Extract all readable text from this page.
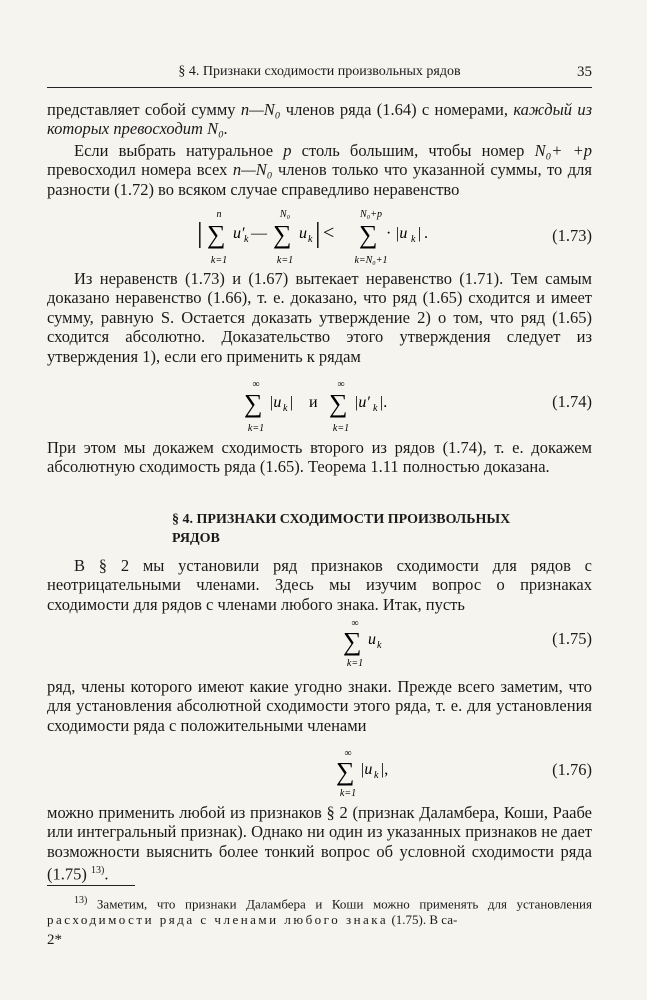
§ 4. Признаки сходимости произвольных рядов	35

представляет собой сумму n—N₀ членов ряда (1.64) с номерами, каждый из которых превосходит N₀.

Если выбрать натуральное p столь большим, чтобы номер N₀+ +p превосходил номера всех n—N₀ членов только что указанной суммы, то для разности (1.72) во всяком случае справедливо неравенство

| ∑
n
k=1
u′ k — ∑
N₀
k=1
u k | < ∑
N₀+p
k=N₀+1
· |u k | .	(1.73)

Из неравенств (1.73) и (1.67) вытекает неравенство (1.71). Тем самым доказано неравенство (1.66), т. е. доказано, что ряд (1.65) сходится и имеет сумму, равную S. Остается доказать утверждение 2) о том, что ряд (1.65) сходится абсолютно. Доказательство этого утверждения следует из утверждения 1), если его применить к рядам

∑
∞
k=1
|u k | и ∑
∞
k=1
|u′ k |.	(1.74)

При этом мы докажем сходимость второго из рядов (1.74), т. е. докажем абсолютную сходимость ряда (1.65). Теорема 1.11 полностью доказана.

§ 4. ПРИЗНАКИ СХОДИМОСТИ ПРОИЗВОЛЬНЫХ
РЯДОВ

В § 2 мы установили ряд признаков сходимости для рядов с неотрицательными членами. Здесь мы изучим вопрос о признаках сходимости для рядов с членами любого знака. Итак, пусть

∑
∞
k=1
u k	(1.75)

ряд, члены которого имеют какие угодно знаки. Прежде всего заметим, что для установления абсолютной сходимости этого ряда, т. е. для установления сходимости ряда с положительными членами

∑
∞
k=1
|u k |,	(1.76)

можно применить любой из признаков § 2 (признак Даламбера, Коши, Раабе или интегральный признак). Однако ни один из указанных признаков не дает возможности выяснить более тонкий вопрос об условной сходимости ряда (1.75) $^{13)}$.

$^{13)}$ Заметим, что признаки Даламбера и Коши можно применять для установления расходимости ряда с членами любого знака (1.75). В са-

2*
